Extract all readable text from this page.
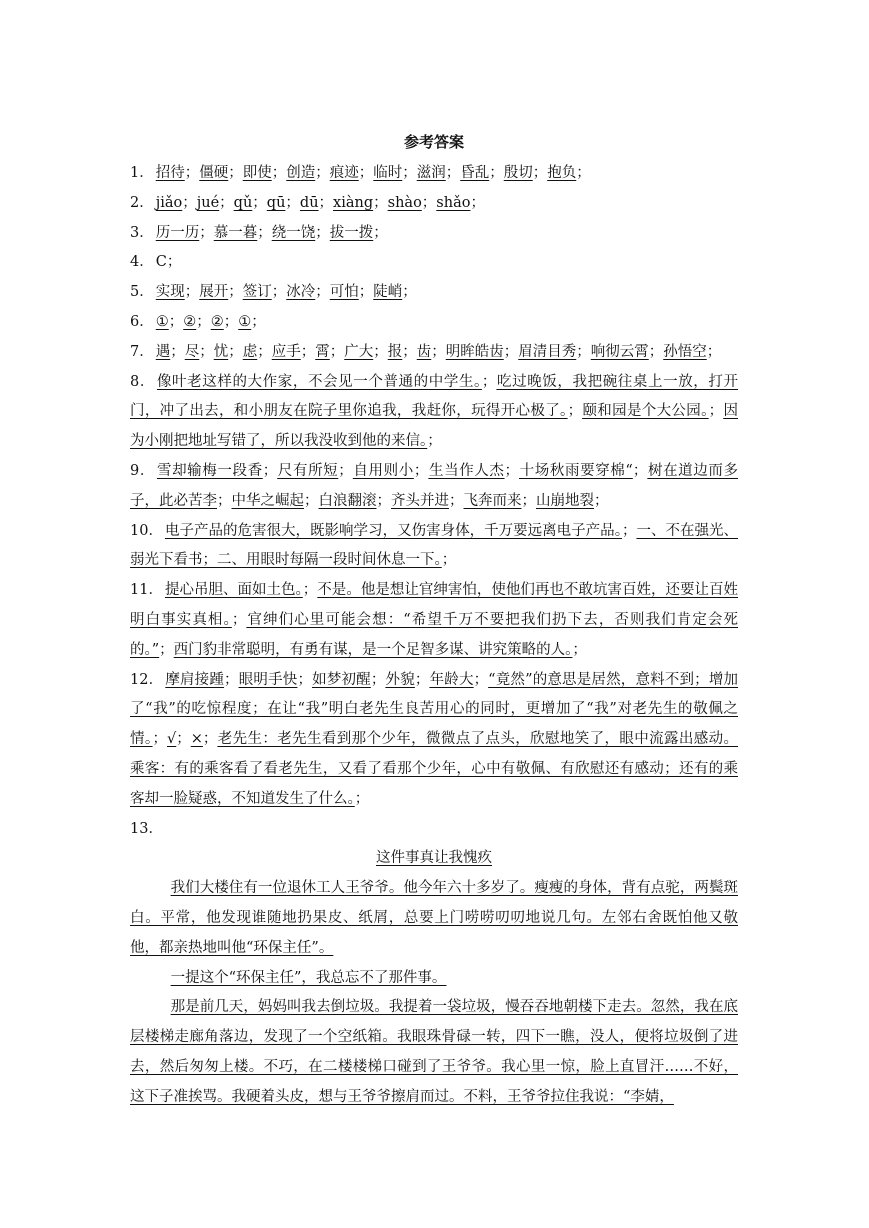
参考答案
1． 招待；僵硬；即使；创造；痕迹；临时；滋润；昏乱；殷切；抱负；
2． jiǎo；jué；qǔ；qū；dū；xiàng；shào；shǎo；
3． 历一历；慕一暮；绕一饶；拔一拨；
4． C；
5． 实现；展开；签订；冰冷；可怕；陡峭；
6． ①；②；②；①；
7． 遇；尽；忧；虑；应手；霄；广大；报；齿；明眸皓齿；眉清目秀；响彻云霄；孙悟空；
8． 像叶老这样的大作家，不会见一个普通的中学生。；吃过晚饭，我把碗往桌上一放，打开门，冲了出去，和小朋友在院子里你追我，我赶你，玩得开心极了。；颐和园是个大公园。；因为小刚把地址写错了，所以我没收到他的来信。；
9． 雪却输梅一段香；尺有所短；自用则小；生当作人杰；十场秋雨要穿棉“；树在道边而多子，此必苦李；中华之崛起；白浪翻滚；齐头并进；飞奔而来；山崩地裂；
10． 电子产品的危害很大，既影响学习，又伤害身体，千万要远离电子产品。；一、不在强光、弱光下看书；二、用眼时每隔一段时间休息一下。；
11． 提心吊胆、面如土色。；不是。他是想让官绅害怕，使他们再也不敢坑害百姓，还要让百姓明白事实真相。；官绅们心里可能会想：“希望千万不要把我们扔下去，否则我们肯定会死的。”；西门豹非常聪明，有勇有谋，是一个足智多谋、讲究策略的人。；
12． 摩肩接踵；眼明手快；如梦初醒；外貌；年龄大；“竟然”的意思是居然，意料不到；增加了“我”的吃惊程度；在让“我”明白老先生良苦用心的同时，更增加了“我”对老先生的敬佩之情。；√；×；老先生：老先生看到那个少年，微微点了点头，欣慰地笑了，眼中流露出感动。乘客：有的乘客看了看老先生，又看了看那个少年，心中有敬佩、有欣慰还有感动；还有的乘客却一脸疑惑，不知道发生了什么。；
13．
这件事真让我愧疚
我们大楼住有一位退休工人王爷爷。他今年六十多岁了。瘦瘦的身体，背有点驼，两鬓斑白。平常，他发现谁随地扔果皮、纸屑，总要上门唠唠叨叨地说几句。左邻右舍既怕他又敬他，都亲热地叫他“环保主任”。
一提这个“环保主任”，我总忘不了那件事。
那是前几天，妈妈叫我去倒垃圾。我提着一袋垃圾，慢吞吞地朝楼下走去。忽然，我在底层楼梯走廊角落边，发现了一个空纸箱。我眼珠骨碌一转，四下一瞧，没人，便将垃圾倒了进去，然后匆匆上楼。不巧，在二楼楼梯口碰到了王爷爷。我心里一惊，脸上直冒汗……不好，这下子准挨骂。我硬着头皮，想与王爷爷擦肩而过。不料，王爷爷拉住我说：“李婧，
